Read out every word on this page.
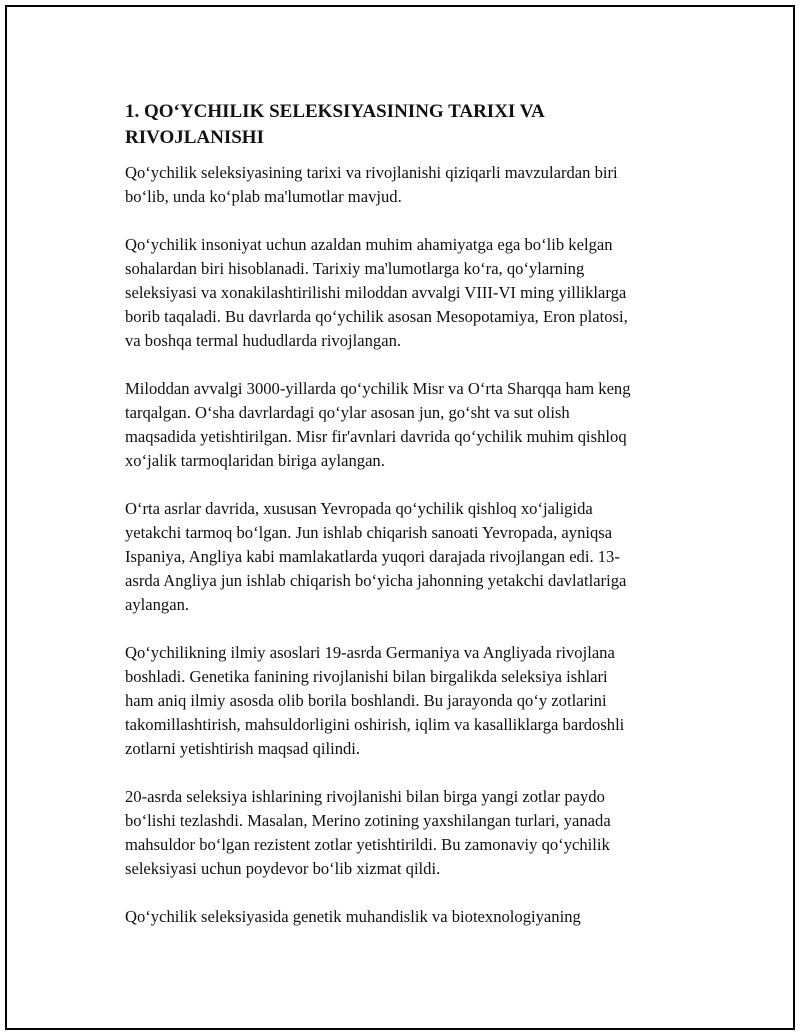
1. QO‘YCHILIK SELEKSIYASINING TARIXI VA
RIVOJLANISHI

Qo‘ychilik seleksiyasining tarixi va rivojlanishi qiziqarli mavzulardan biri
bo‘lib, unda ko‘plab ma'lumotlar mavjud.

Qo‘ychilik insoniyat uchun azaldan muhim ahamiyatga ega bo‘lib kelgan
sohalardan biri hisoblanadi. Tarixiy ma'lumotlarga ko‘ra, qo‘ylarning
seleksiyasi va xonakilashtirilishi miloddan avvalgi VIII-VI ming yilliklarga
borib taqaladi. Bu davrlarda qo‘ychilik asosan Mesopotamiya, Eron platosi,
va boshqa termal hududlarda rivojlangan.

Miloddan avvalgi 3000-yillarda qo‘ychilik Misr va O‘rta Sharqqa ham keng
tarqalgan. O‘sha davrlardagi qo‘ylar asosan jun, go‘sht va sut olish
maqsadida yetishtirilgan. Misr fir'avnlari davrida qo‘ychilik muhim qishloq
xo‘jalik tarmoqlaridan biriga aylangan.

O‘rta asrlar davrida, xususan Yevropada qo‘ychilik qishloq xo‘jaligida
yetakchi tarmoq bo‘lgan. Jun ishlab chiqarish sanoati Yevropada, ayniqsa
Ispaniya, Angliya kabi mamlakatlarda yuqori darajada rivojlangan edi. 13-
asrda Angliya jun ishlab chiqarish bo‘yicha jahonning yetakchi davlatlariga
aylangan.

Qo‘ychilikning ilmiy asoslari 19-asrda Germaniya va Angliyada rivojlana
boshladi. Genetika fanining rivojlanishi bilan birgalikda seleksiya ishlari
ham aniq ilmiy asosda olib borila boshlandi. Bu jarayonda qo‘y zotlarini
takomillashtirish, mahsuldorligini oshirish, iqlim va kasalliklarga bardoshli
zotlarni yetishtirish maqsad qilindi.

20-asrda seleksiya ishlarining rivojlanishi bilan birga yangi zotlar paydo
bo‘lishi tezlashdi. Masalan, Merino zotining yaxshilangan turlari, yanada
mahsuldor bo‘lgan rezistent zotlar yetishtirildi. Bu zamonaviy qo‘ychilik
seleksiyasi uchun poydevor bo‘lib xizmat qildi.

Qo‘ychilik seleksiyasida genetik muhandislik va biotexnologiyaning
